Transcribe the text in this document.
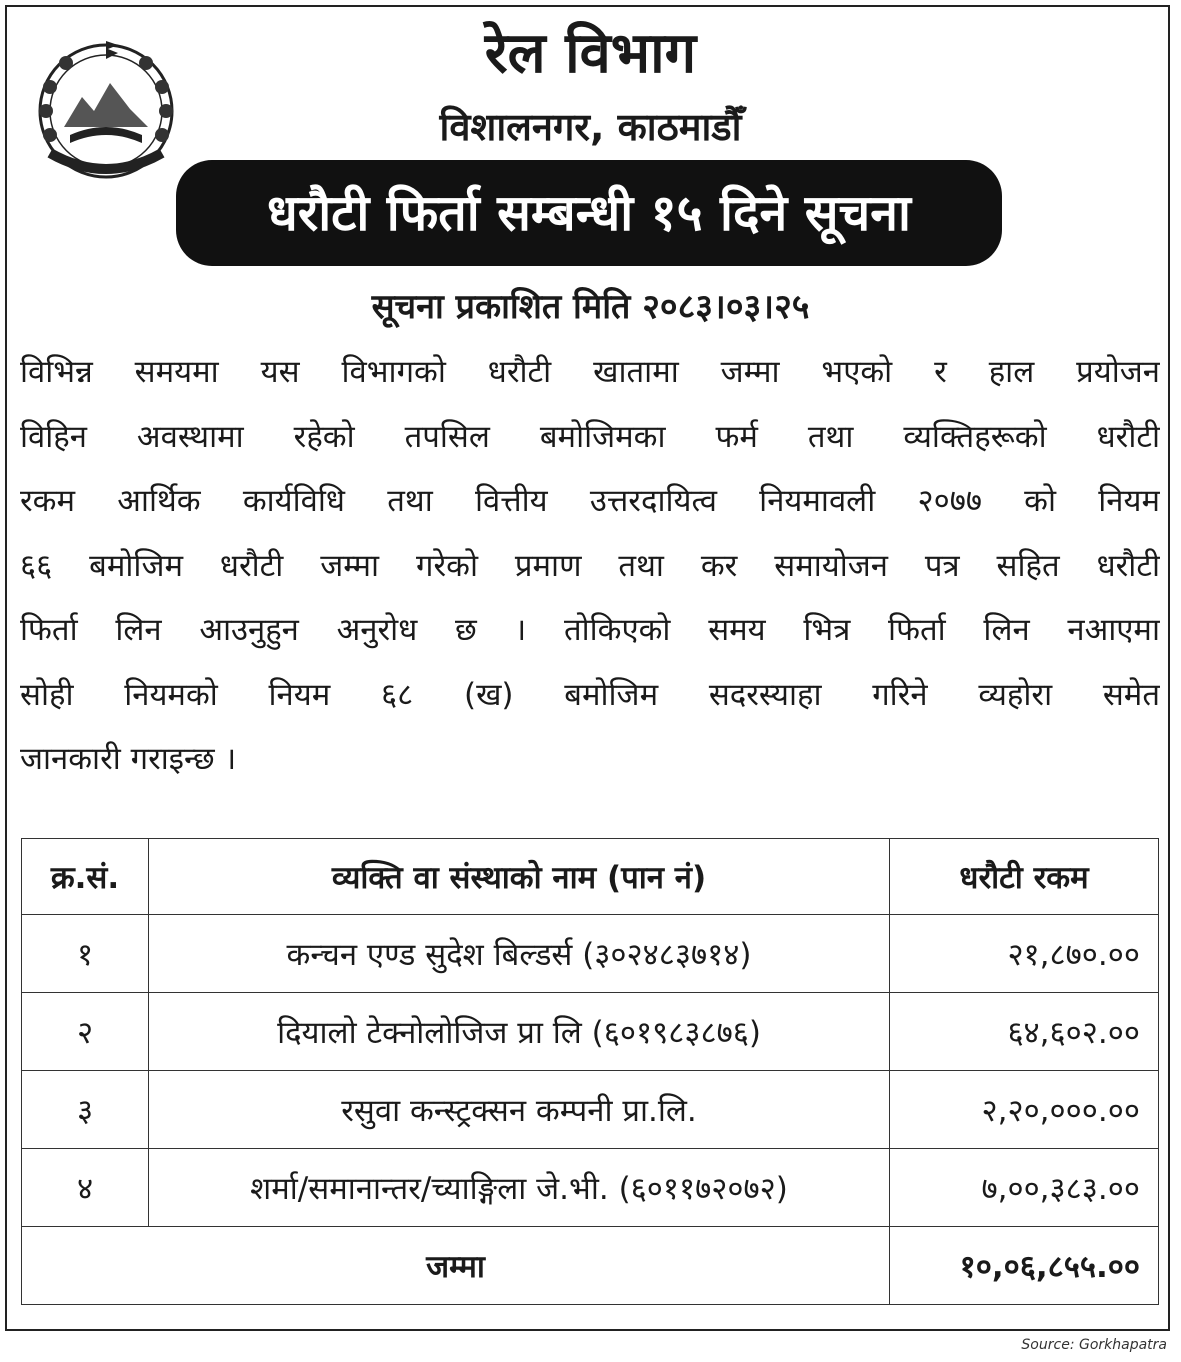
रेल विभाग
विशालनगर, काठमाडौँ
धरौटी फिर्ता सम्बन्धी १५ दिने सूचना
सूचना प्रकाशित मिति २०८३।०३।२५
विभिन्न समयमा यस विभागको धरौटी खातामा जम्मा भएको र हाल प्रयोजन
विहिन अवस्थामा रहेको तपसिल बमोजिमका फर्म तथा व्यक्तिहरूको धरौटी
रकम आर्थिक कार्यविधि तथा वित्तीय उत्तरदायित्व नियमावली २०७७ को नियम
६६ बमोजिम धरौटी जम्मा गरेको प्रमाण तथा कर समायोजन पत्र सहित धरौटी
फिर्ता लिन आउनुहुन अनुरोध छ । तोकिएको समय भित्र फिर्ता लिन नआएमा
सोही नियमको नियम ६८ (ख) बमोजिम सदरस्याहा गरिने व्यहोरा समेत
जानकारी गराइन्छ ।
क्र.सं.	व्यक्ति वा संस्थाको नाम (पान नं)	धरौटी रकम
१	कन्चन एण्ड सुदेश बिल्डर्स (३०२४८३७१४)	२१,८७०.००
२	दियालो टेक्नोलोजिज प्रा लि (६०१९८३८७६)	६४,६०२.००
३	रसुवा कन्स्ट्रक्सन कम्पनी प्रा.लि.	२,२०,०००.००
४	शर्मा/समानान्तर/च्याङ्गिला जे.भी. (६०११७२०७२)	७,००,३८३.००
जम्मा		१०,०६,८५५.००
Source: Gorkhapatra
